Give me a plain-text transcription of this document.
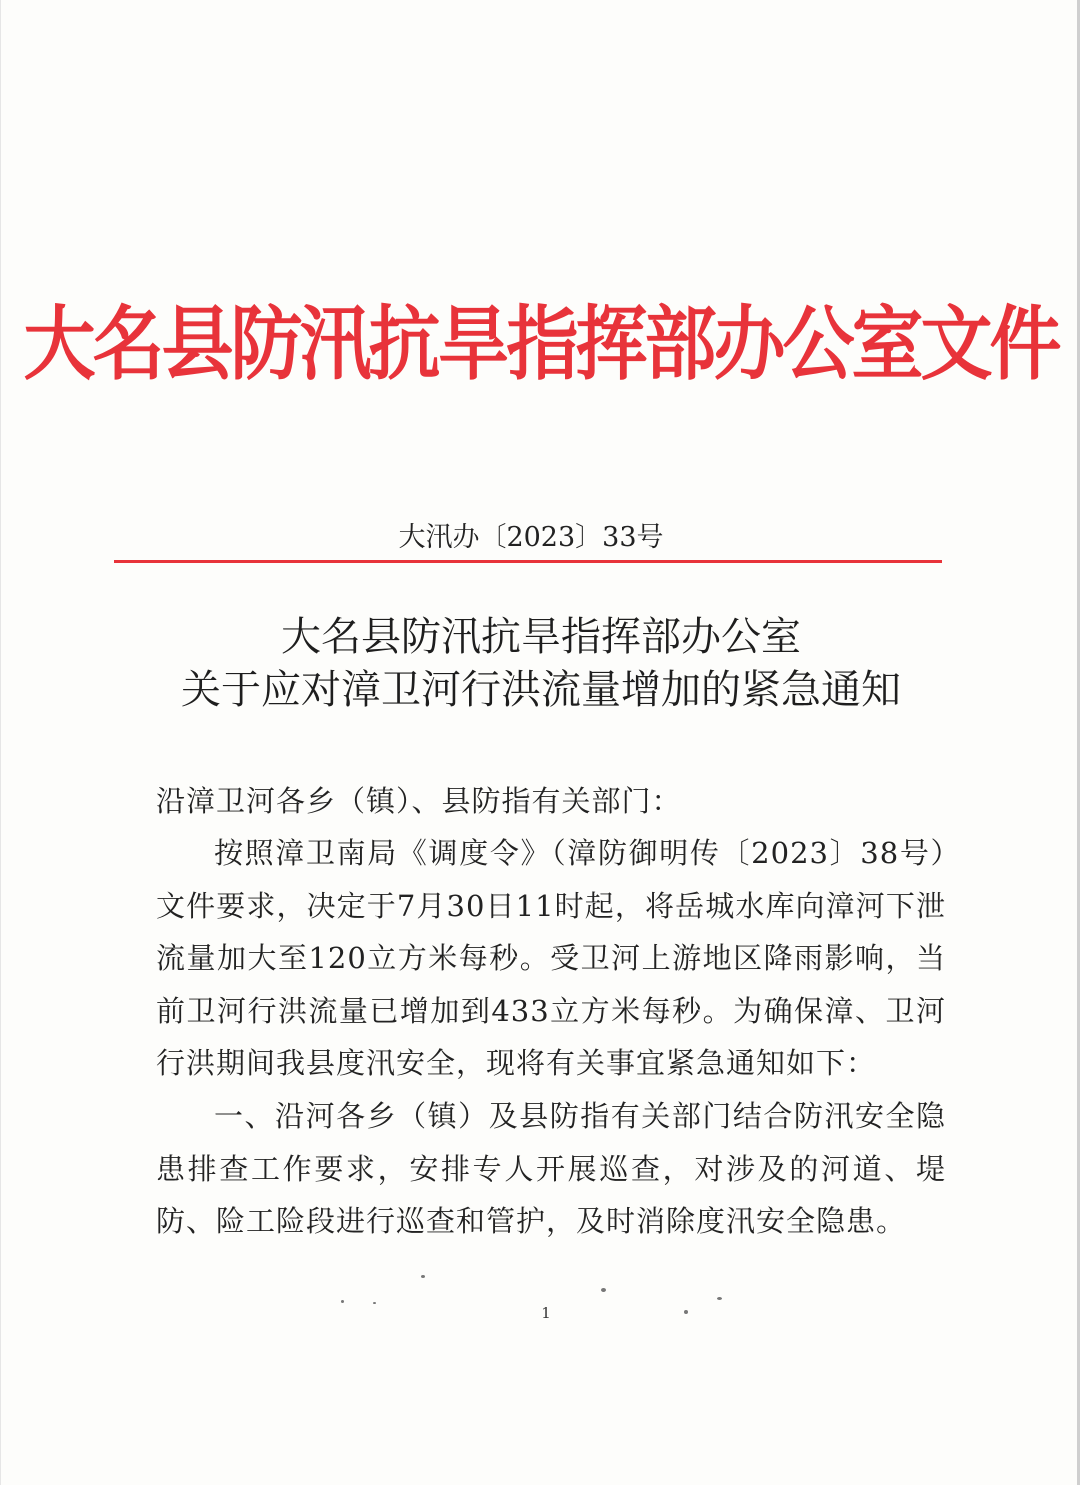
大名县防汛抗旱指挥部办公室文件
大汛办〔2023〕33号
大名县防汛抗旱指挥部办公室
关于应对漳卫河行洪流量增加的紧急通知
沿漳卫河各乡（镇）、县防指有关部门：

按照漳卫南局《调度令》（漳防御明传〔2023〕38号）文件要求，决定于7月30日11时起，将岳城水库向漳河下泄流量加大至120立方米每秒。受卫河上游地区降雨影响，当前卫河行洪流量已增加到433立方米每秒。为确保漳、卫河行洪期间我县度汛安全，现将有关事宜紧急通知如下：

一、沿河各乡（镇）及县防指有关部门结合防汛安全隐患排查工作要求，安排专人开展巡查，对涉及的河道、堤防、险工险段进行巡查和管护，及时消除度汛安全隐患。

1
